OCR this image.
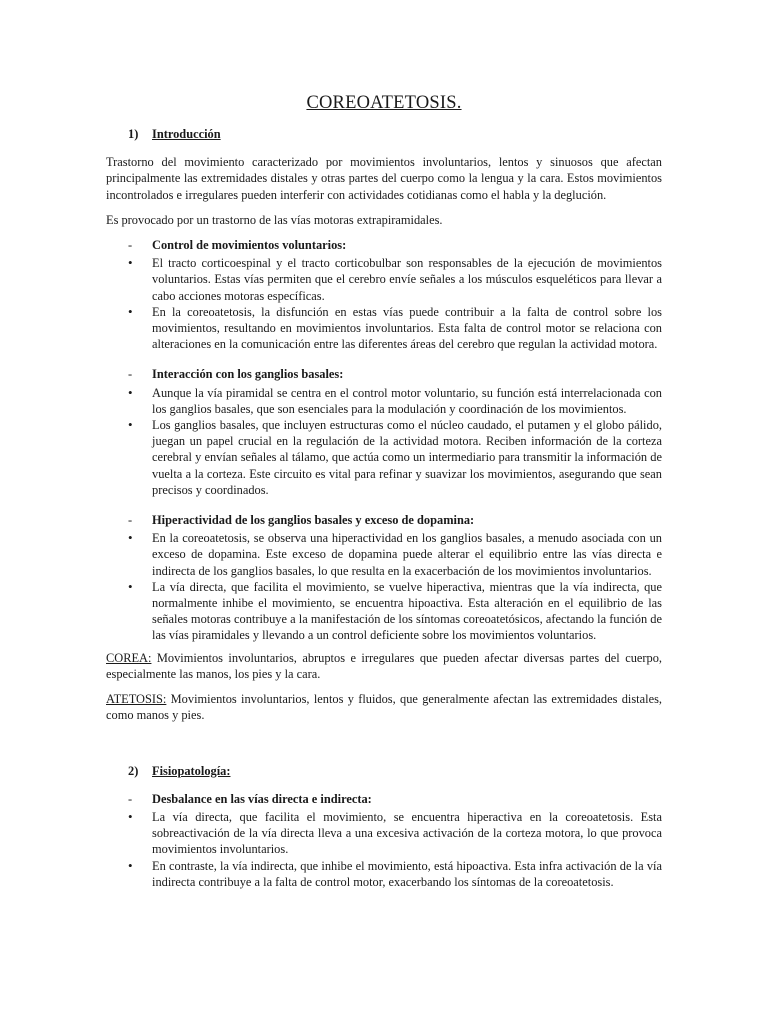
COREOATETOSIS.
1)	Introducción

Trastorno del movimiento caracterizado por movimientos involuntarios, lentos y sinuosos que afectan principalmente las extremidades distales y otras partes del cuerpo como la lengua y la cara. Estos movimientos incontrolados e irregulares pueden interferir con actividades cotidianas como el habla y la deglución.

Es provocado por un trastorno de las vías motoras extrapiramidales.

-	Control de movimientos voluntarios:
•	El tracto corticoespinal y el tracto corticobulbar son responsables de la ejecución de movimientos voluntarios. Estas vías permiten que el cerebro envíe señales a los músculos esqueléticos para llevar a cabo acciones motoras específicas.
•	En la coreoatetosis, la disfunción en estas vías puede contribuir a la falta de control sobre los movimientos, resultando en movimientos involuntarios. Esta falta de control motor se relaciona con alteraciones en la comunicación entre las diferentes áreas del cerebro que regulan la actividad motora.
-	Interacción con los ganglios basales:
•	Aunque la vía piramidal se centra en el control motor voluntario, su función está interrelacionada con los ganglios basales, que son esenciales para la modulación y coordinación de los movimientos.
•	Los ganglios basales, que incluyen estructuras como el núcleo caudado, el putamen y el globo pálido, juegan un papel crucial en la regulación de la actividad motora. Reciben información de la corteza cerebral y envían señales al tálamo, que actúa como un intermediario para transmitir la información de vuelta a la corteza. Este circuito es vital para refinar y suavizar los movimientos, asegurando que sean precisos y coordinados.
-	Hiperactividad de los ganglios basales y exceso de dopamina:
•	En la coreoatetosis, se observa una hiperactividad en los ganglios basales, a menudo asociada con un exceso de dopamina. Este exceso de dopamina puede alterar el equilibrio entre las vías directa e indirecta de los ganglios basales, lo que resulta en la exacerbación de los movimientos involuntarios.
•	La vía directa, que facilita el movimiento, se vuelve hiperactiva, mientras que la vía indirecta, que normalmente inhibe el movimiento, se encuentra hipoactiva. Esta alteración en el equilibrio de las señales motoras contribuye a la manifestación de los síntomas coreoatetósicos, afectando la función de las vías piramidales y llevando a un control deficiente sobre los movimientos voluntarios.

COREA: Movimientos involuntarios, abruptos e irregulares que pueden afectar diversas partes del cuerpo, especialmente las manos, los pies y la cara.

ATETOSIS: Movimientos involuntarios, lentos y fluidos, que generalmente afectan las extremidades distales, como manos y pies.

2)	Fisiopatología:
-	Desbalance en las vías directa e indirecta:
•	La vía directa, que facilita el movimiento, se encuentra hiperactiva en la coreoatetosis. Esta sobreactivación de la vía directa lleva a una excesiva activación de la corteza motora, lo que provoca movimientos involuntarios.
•	En contraste, la vía indirecta, que inhibe el movimiento, está hipoactiva. Esta infra activación de la vía indirecta contribuye a la falta de control motor, exacerbando los síntomas de la coreoatetosis.
